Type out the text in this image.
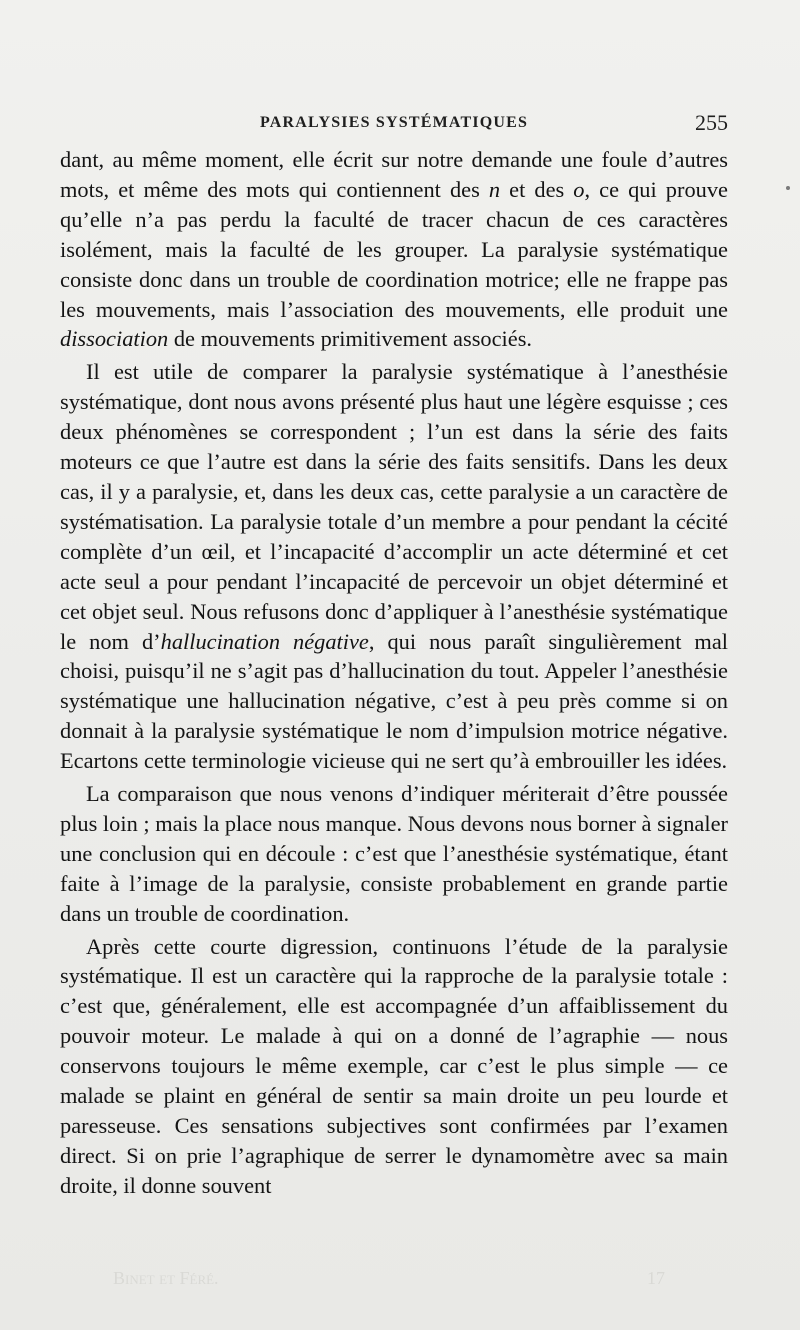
PARALYSIES SYSTÉMATIQUES	255

dant, au même moment, elle écrit sur notre demande une foule d’autres mots, et même des mots qui contiennent des n et des o, ce qui prouve qu’elle n’a pas perdu la faculté de tracer chacun de ces caractères isolément, mais la faculté de les grouper. La paralysie systématique consiste donc dans un trouble de coordination motrice; elle ne frappe pas les mouvements, mais l’association des mouvements, elle produit une dissociation de mouvements primitivement associés.

Il est utile de comparer la paralysie systématique à l’anesthésie systématique, dont nous avons présenté plus haut une légère esquisse ; ces deux phénomènes se correspondent ; l’un est dans la série des faits moteurs ce que l’autre est dans la série des faits sensitifs. Dans les deux cas, il y a paralysie, et, dans les deux cas, cette paralysie a un caractère de systématisation. La paralysie totale d’un membre a pour pendant la cécité complète d’un œil, et l’incapacité d’accomplir un acte déterminé et cet acte seul a pour pendant l’incapacité de percevoir un objet déterminé et cet objet seul. Nous refusons donc d’appliquer à l’anesthésie systématique le nom d’hallucination négative, qui nous paraît singulièrement mal choisi, puisqu’il ne s’agit pas d’hallucination du tout. Appeler l’anesthésie systématique une hallucination négative, c’est à peu près comme si on donnait à la paralysie systématique le nom d’impulsion motrice négative. Ecartons cette terminologie vicieuse qui ne sert qu’à embrouiller les idées.

La comparaison que nous venons d’indiquer mériterait d’être poussée plus loin ; mais la place nous manque. Nous devons nous borner à signaler une conclusion qui en découle : c’est que l’anesthésie systématique, étant faite à l’image de la paralysie, consiste probablement en grande partie dans un trouble de coordination.

Après cette courte digression, continuons l’étude de la paralysie systématique. Il est un caractère qui la rapproche de la paralysie totale : c’est que, généralement, elle est accompagnée d’un affaiblissement du pouvoir moteur. Le malade à qui on a donné de l’agraphie — nous conservons toujours le même exemple, car c’est le plus simple — ce malade se plaint en général de sentir sa main droite un peu lourde et paresseuse. Ces sensations subjectives sont confirmées par l’examen direct. Si on prie l’agraphique de serrer le dynamomètre avec sa main droite, il donne souvent

Binet et Féré.	17
